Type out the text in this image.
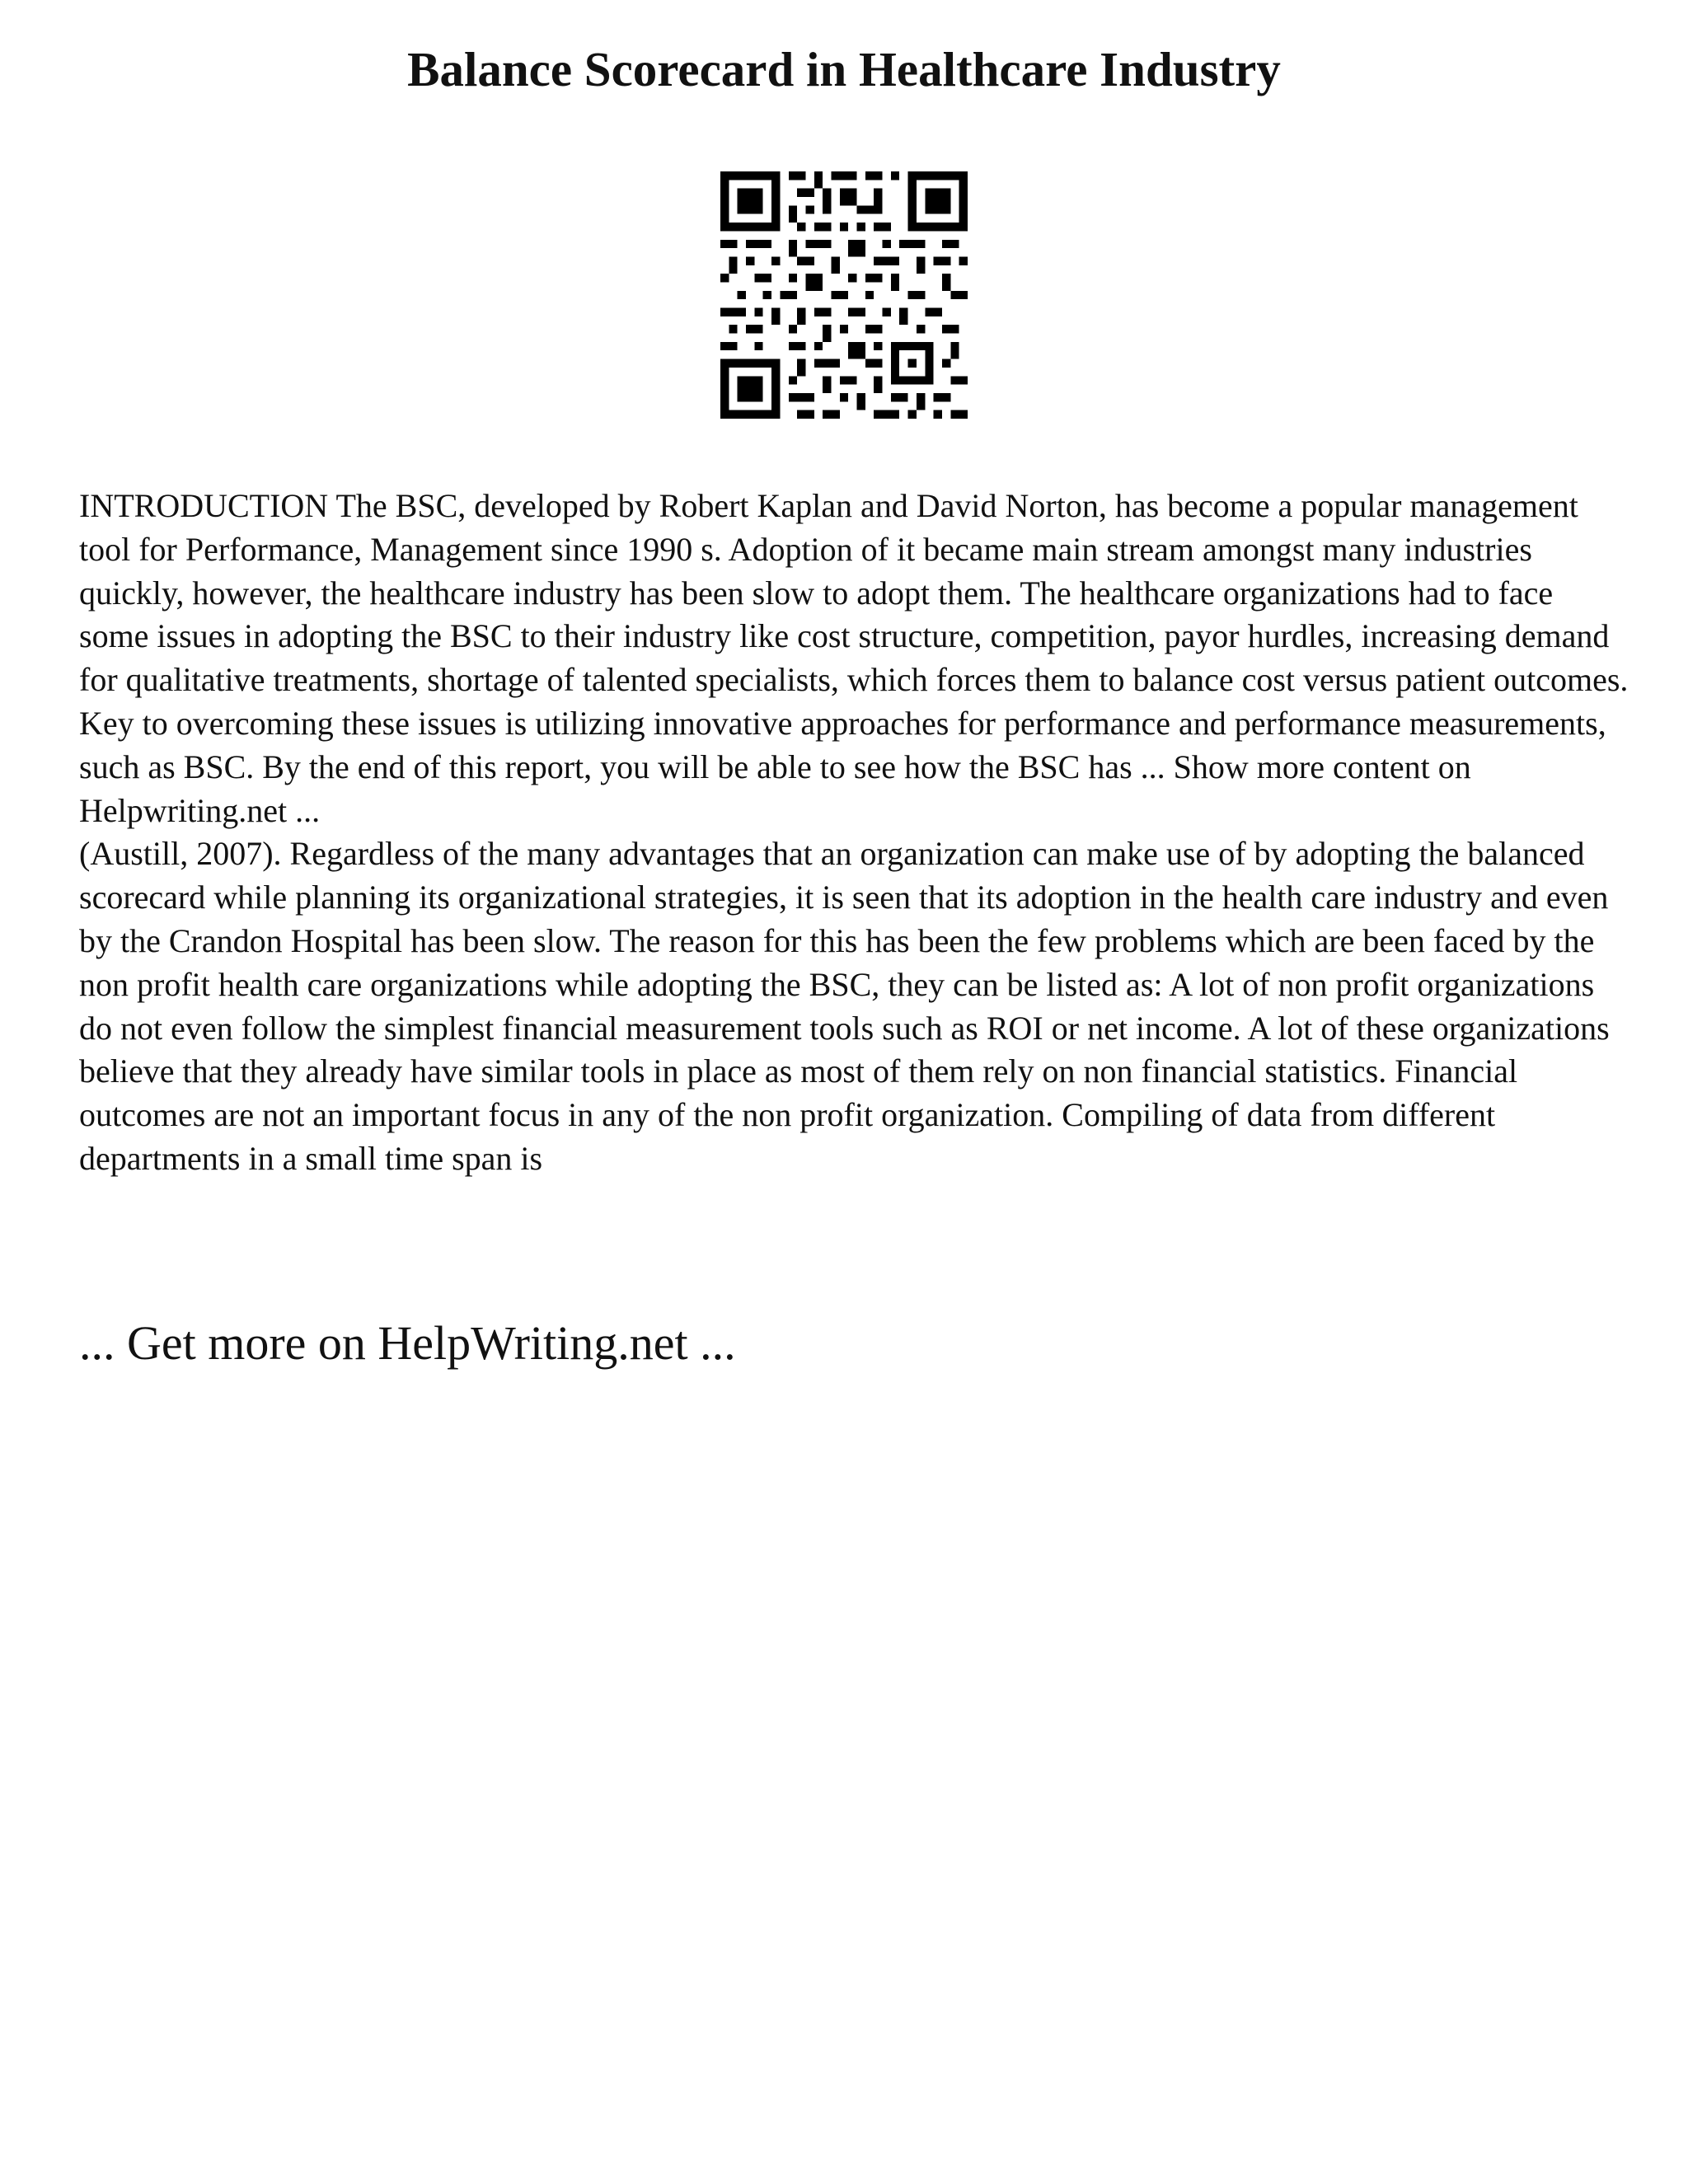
Balance Scorecard in Healthcare Industry

INTRODUCTION The BSC, developed by Robert Kaplan and David Norton, has become a popular management tool for Performance, Management since 1990 s. Adoption of it became main stream amongst many industries quickly, however, the healthcare industry has been slow to adopt them. The healthcare organizations had to face some issues in adopting the BSC to their industry like cost structure, competition, payor hurdles, increasing demand for qualitative treatments, shortage of talented specialists, which forces them to balance cost versus patient outcomes. Key to overcoming these issues is utilizing innovative approaches for performance and performance measurements, such as BSC. By the end of this report, you will be able to see how the BSC has ... Show more content on Helpwriting.net ...

(Austill, 2007). Regardless of the many advantages that an organization can make use of by adopting the balanced scorecard while planning its organizational strategies, it is seen that its adoption in the health care industry and even by the Crandon Hospital has been slow. The reason for this has been the few problems which are been faced by the non profit health care organizations while adopting the BSC, they can be listed as: A lot of non profit organizations do not even follow the simplest financial measurement tools such as ROI or net income. A lot of these organizations believe that they already have similar tools in place as most of them rely on non financial statistics. Financial outcomes are not an important focus in any of the non profit organization. Compiling of data from different departments in a small time span is

... Get more on HelpWriting.net ...
